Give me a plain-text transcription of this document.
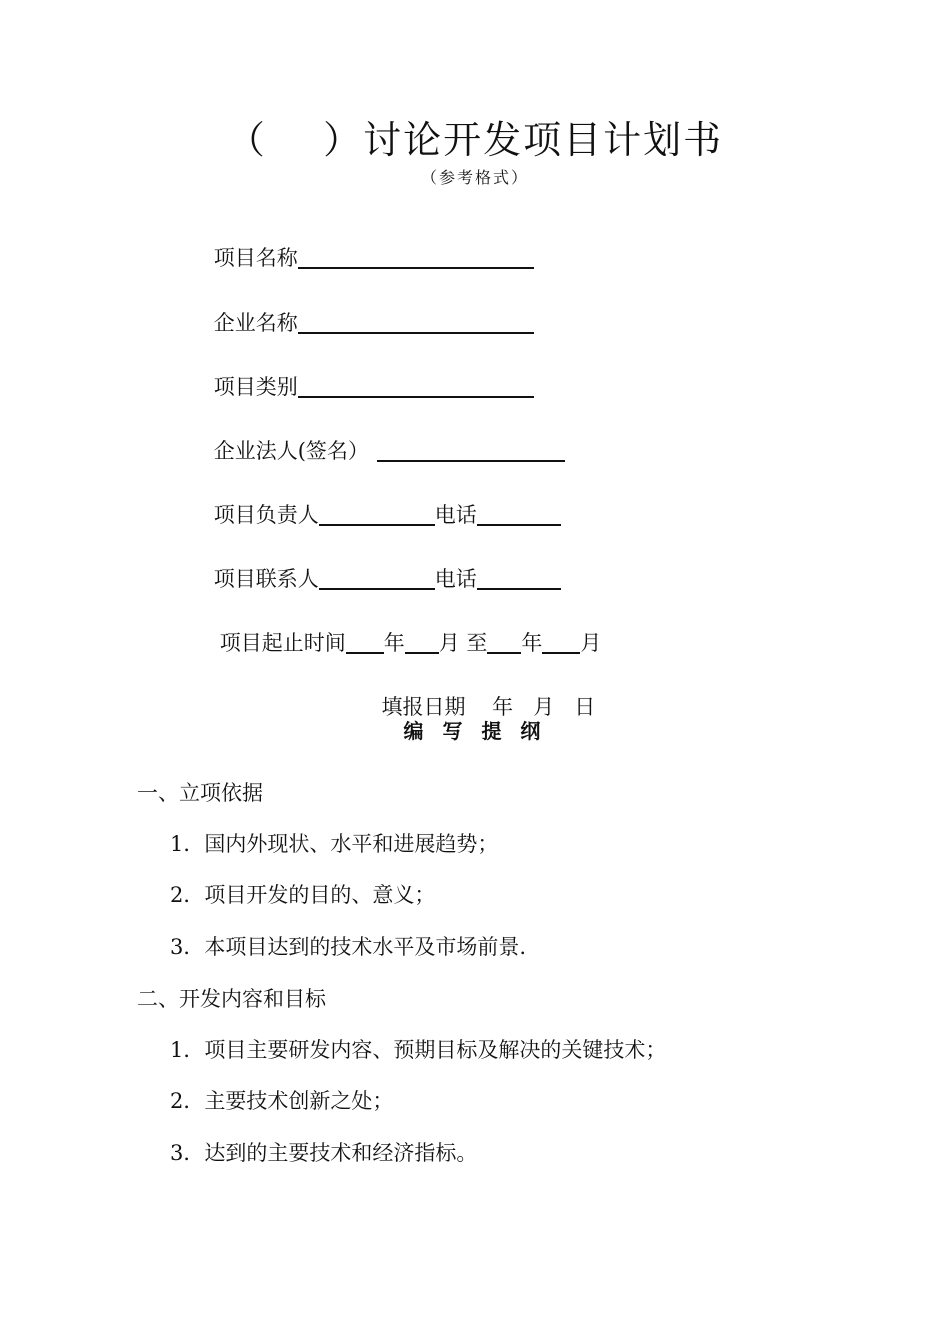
（    ）讨论开发项目计划书
（参考格式）

项目名称

企业名称

项目类别

企业法人(签名）

项目负责人	电话

项目联系人	电话

项目起止时间 年 月 至 年 月

填报日期 年 月 日

编 写 提 纲
一、立项依据
1．国内外现状、水平和进展趋势；
2．项目开发的目的、意义；
3．本项目达到的技术水平及市场前景.
二、开发内容和目标
1．项目主要研发内容、预期目标及解决的关键技术；
2．主要技术创新之处；
3．达到的主要技术和经济指标。
